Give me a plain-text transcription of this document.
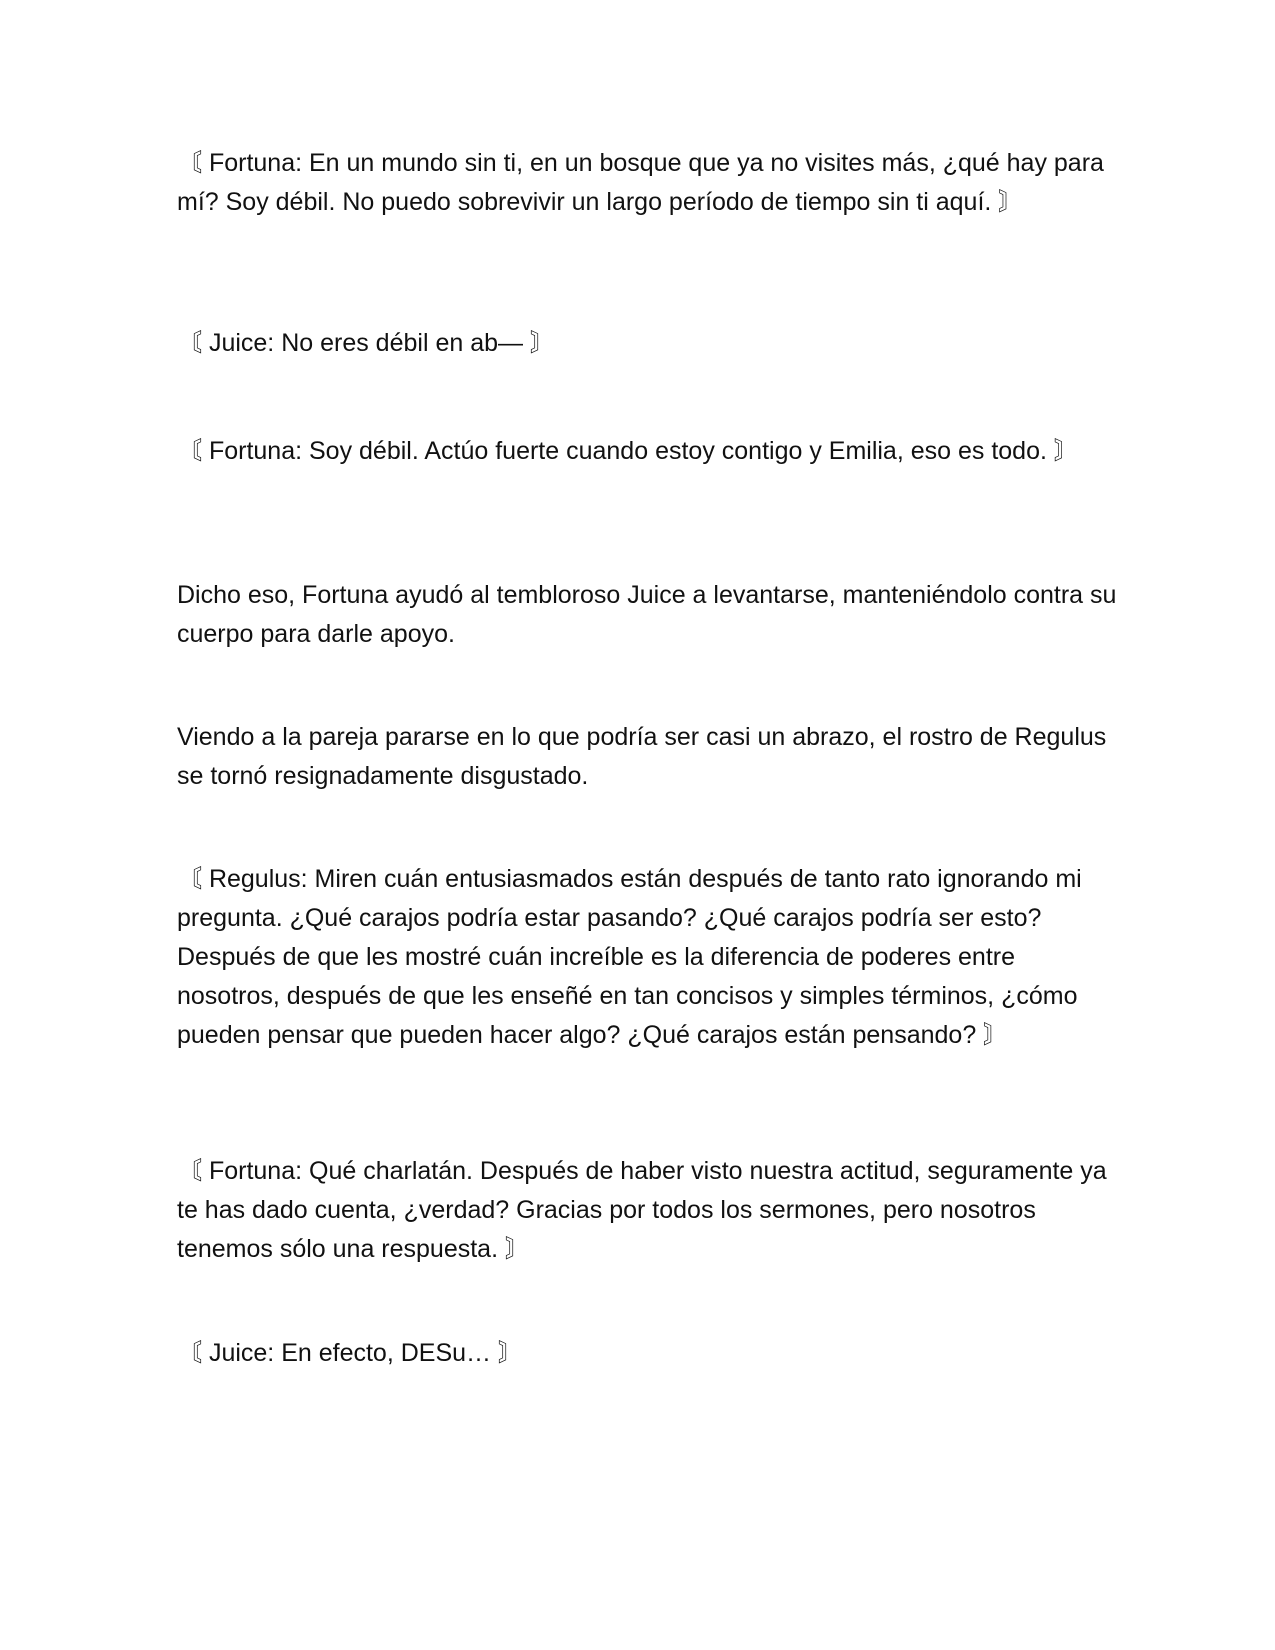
〘 Fortuna: En un mundo sin ti, en un bosque que ya no visites más, ¿qué hay para mí? Soy débil. No puedo sobrevivir un largo período de tiempo sin ti aquí. 〙

〘 Juice: No eres débil en ab— 〙

〘 Fortuna: Soy débil. Actúo fuerte cuando estoy contigo y Emilia, eso es todo. 〙

Dicho eso, Fortuna ayudó al tembloroso Juice a levantarse, manteniéndolo contra su cuerpo para darle apoyo.

Viendo a la pareja pararse en lo que podría ser casi un abrazo, el rostro de Regulus se tornó resignadamente disgustado.

〘 Regulus: Miren cuán entusiasmados están después de tanto rato ignorando mi pregunta. ¿Qué carajos podría estar pasando? ¿Qué carajos podría ser esto? Después de que les mostré cuán increíble es la diferencia de poderes entre nosotros, después de que les enseñé en tan concisos y simples términos, ¿cómo pueden pensar que pueden hacer algo? ¿Qué carajos están pensando? 〙

〘 Fortuna: Qué charlatán. Después de haber visto nuestra actitud, seguramente ya te has dado cuenta, ¿verdad? Gracias por todos los sermones, pero nosotros tenemos sólo una respuesta. 〙

〘 Juice: En efecto, DESu… 〙
